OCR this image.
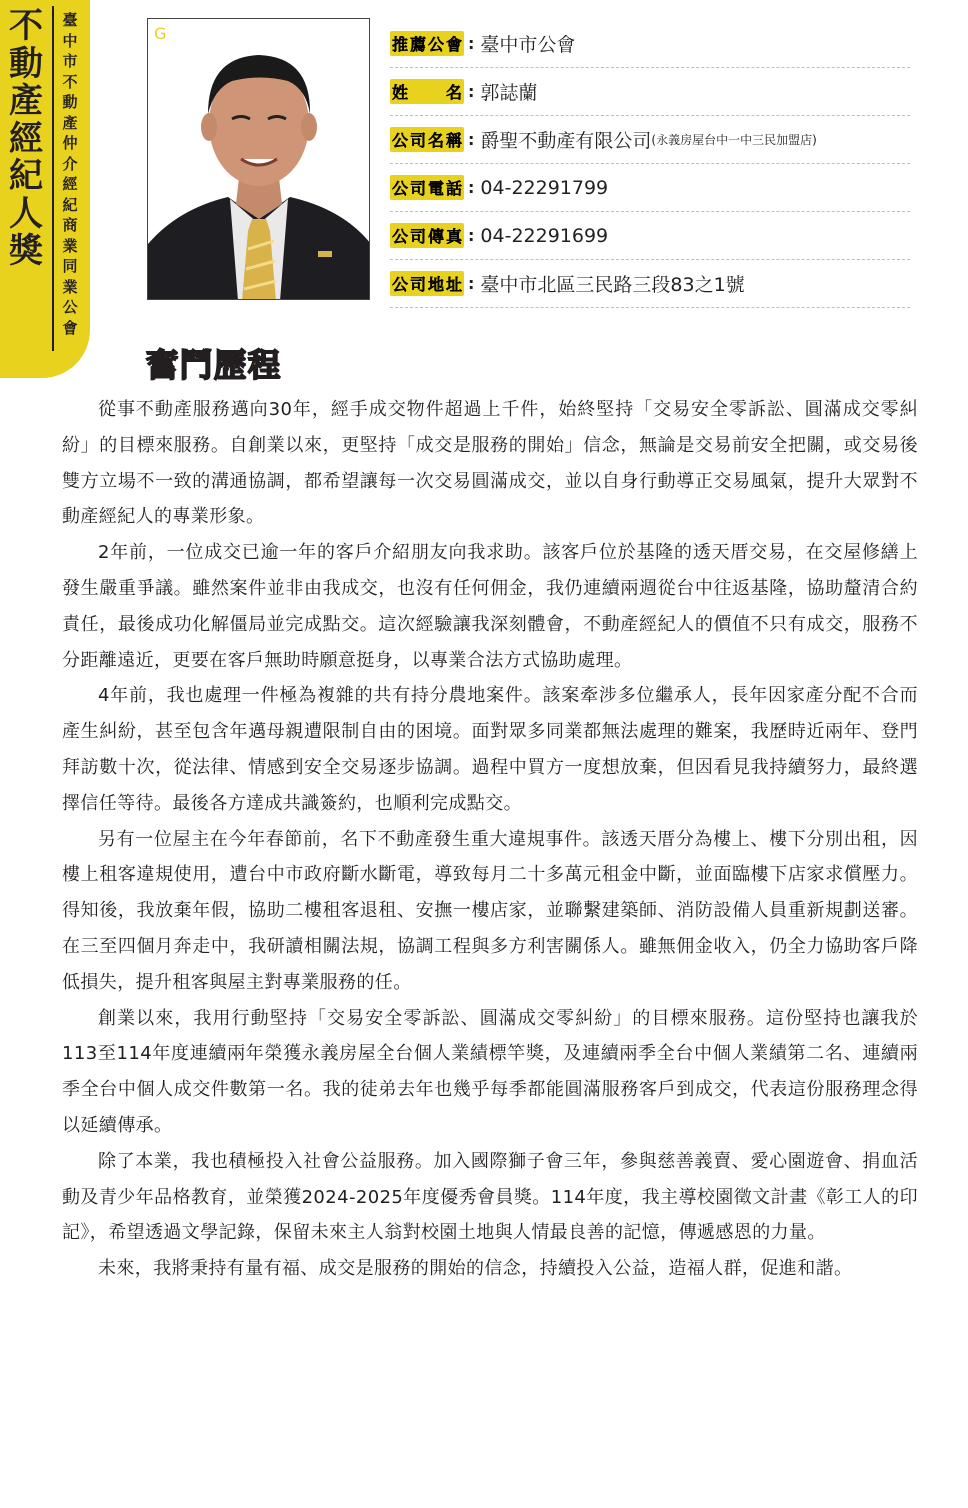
不
動
產
經
紀
人
獎
臺
中
市
不
動
產
仲
介
經
紀
商
業
同
業
公
會
G
推薦公會 : 臺中市公會
姓名 : 郭誌蘭
公司名稱 : 爵聖不動產有限公司 (永義房屋台中一中三民加盟店)
公司電話 : 04-22291799
公司傳真 : 04-22291699
公司地址 : 臺中市北區三民路三段83之1號
奮鬥歷程

從事不動產服務邁向30年，經手成交物件超過上千件，始終堅持「交易安全零訴訟、圓滿成交零糾紛」的目標來服務。自創業以來，更堅持「成交是服務的開始」信念，無論是交易前安全把關，或交易後雙方立場不一致的溝通協調，都希望讓每一次交易圓滿成交，並以自身行動導正交易風氣，提升大眾對不動產經紀人的專業形象。

2年前，一位成交已逾一年的客戶介紹朋友向我求助。該客戶位於基隆的透天厝交易，在交屋修繕上發生嚴重爭議。雖然案件並非由我成交，也沒有任何佣金，我仍連續兩週從台中往返基隆，協助釐清合約責任，最後成功化解僵局並完成點交。這次經驗讓我深刻體會，不動產經紀人的價值不只有成交，服務不分距離遠近，更要在客戶無助時願意挺身，以專業合法方式協助處理。

4年前，我也處理一件極為複雜的共有持分農地案件。該案牽涉多位繼承人，長年因家產分配不合而產生糾紛，甚至包含年邁母親遭限制自由的困境。面對眾多同業都無法處理的難案，我歷時近兩年、登門拜訪數十次，從法律、情感到安全交易逐步協調。過程中買方一度想放棄，但因看見我持續努力，最終選擇信任等待。最後各方達成共識簽約，也順利完成點交。

另有一位屋主在今年春節前，名下不動產發生重大違規事件。該透天厝分為樓上、樓下分別出租，因樓上租客違規使用，遭台中市政府斷水斷電，導致每月二十多萬元租金中斷，並面臨樓下店家求償壓力。得知後，我放棄年假，協助二樓租客退租、安撫一樓店家，並聯繫建築師、消防設備人員重新規劃送審。在三至四個月奔走中，我研讀相關法規，協調工程與多方利害關係人。雖無佣金收入，仍全力協助客戶降低損失，提升租客與屋主對專業服務的任。

創業以來，我用行動堅持「交易安全零訴訟、圓滿成交零糾紛」的目標來服務。這份堅持也讓我於113至114年度連續兩年榮獲永義房屋全台個人業績標竿獎，及連續兩季全台中個人業績第二名、連續兩季全台中個人成交件數第一名。我的徒弟去年也幾乎每季都能圓滿服務客戶到成交，代表這份服務理念得以延續傳承。

除了本業，我也積極投入社會公益服務。加入國際獅子會三年，參與慈善義賣、愛心園遊會、捐血活動及青少年品格教育，並榮獲2024-2025年度優秀會員獎。114年度，我主導校園徵文計畫《彰工人的印記》，希望透過文學記錄，保留未來主人翁對校園土地與人情最良善的記憶，傳遞感恩的力量。

未來，我將秉持有量有福、成交是服務的開始的信念，持續投入公益，造福人群，促進和諧。
